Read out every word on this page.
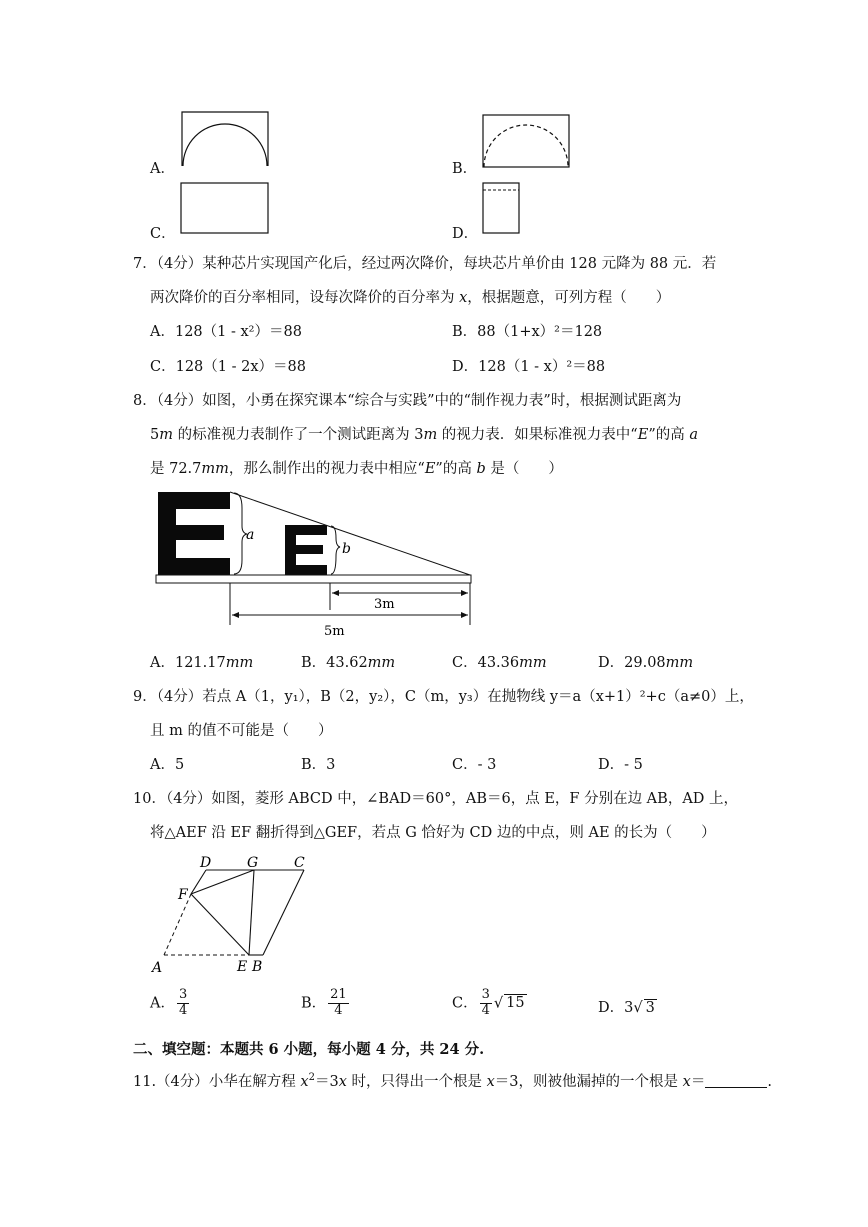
A．	B．
C．	D．
7．（4分）某种芯片实现国产化后，经过两次降价，每块芯片单价由 128 元降为 88 元．若
两次降价的百分率相同，设每次降价的百分率为 x，根据题意，可列方程（　　）
A．128（1 - x²）＝88	B．88（1+x）²＝128
C．128（1 - 2x）＝88	D．128（1 - x）²＝88
8．（4分）如图，小勇在探究课本“综合与实践”中的“制作视力表”时，根据测试距离为
5m 的标准视力表制作了一个测试距离为 3m 的视力表．如果标准视力表中“E”的高 a
是 72.7mm，那么制作出的视力表中相应“E”的高 b 是（　　）
a
b
3m
5m
A．121.17mm	B．43.62mm	C．43.36mm	D．29.08mm
9．（4分）若点 A（1，y₁），B（2，y₂），C（m，y₃）在抛物线 y＝a（x+1）²+c（a≠0）上，
且 m 的值不可能是（　　）
A．5	B．3	C．- 3	D．- 5
10．（4分）如图，菱形 ABCD 中，∠BAD＝60°，AB＝6，点 E，F 分别在边 AB，AD 上，
将△AEF 沿 EF 翻折得到△GEF，若点 G 恰好为 CD 边的中点，则 AE 的长为（　　）
D	G	C
F
A	E B
A． $\frac{3}{4}$	B． $\frac{21}{4}$	C． $\frac{3}{4}$ √ 15	D．3√ 3
二、填空题：本题共 6 小题，每小题 4 分，共 24 分.
11.（4分）小华在解方程 $x^2=3x$ 时，只得出一个根是 x＝3，则被他漏掉的一个根是 x＝	.
